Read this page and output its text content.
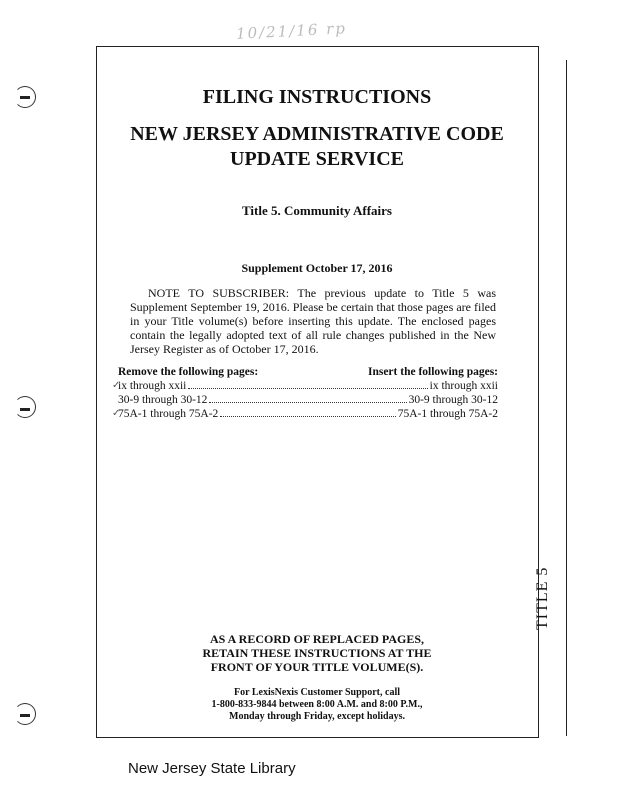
10/21/16 rp
TITLE 5
FILING INSTRUCTIONS
NEW JERSEY ADMINISTRATIVE CODE
UPDATE SERVICE
Title 5. Community Affairs
Supplement October 17, 2016
NOTE TO SUBSCRIBER: The previous update to Title 5 was Supplement September 19, 2016. Please be certain that those pages are filed in your Title volume(s) before inserting this update. The enclosed pages contain the legally adopted text of all rule changes published in the New Jersey Register as of October 17, 2016.
Remove the following pages:	Insert the following pages:
✓
ix through xxii	ix through xxii
30-9 through 30-12	30-9 through 30-12
✓
75A-1 through 75A-2	75A-1 through 75A-2
AS A RECORD OF REPLACED PAGES,
RETAIN THESE INSTRUCTIONS AT THE
FRONT OF YOUR TITLE VOLUME(S).
For LexisNexis Customer Support, call
1-800-833-9844 between 8:00 A.M. and 8:00 P.M.,
Monday through Friday, except holidays.
New Jersey State Library
